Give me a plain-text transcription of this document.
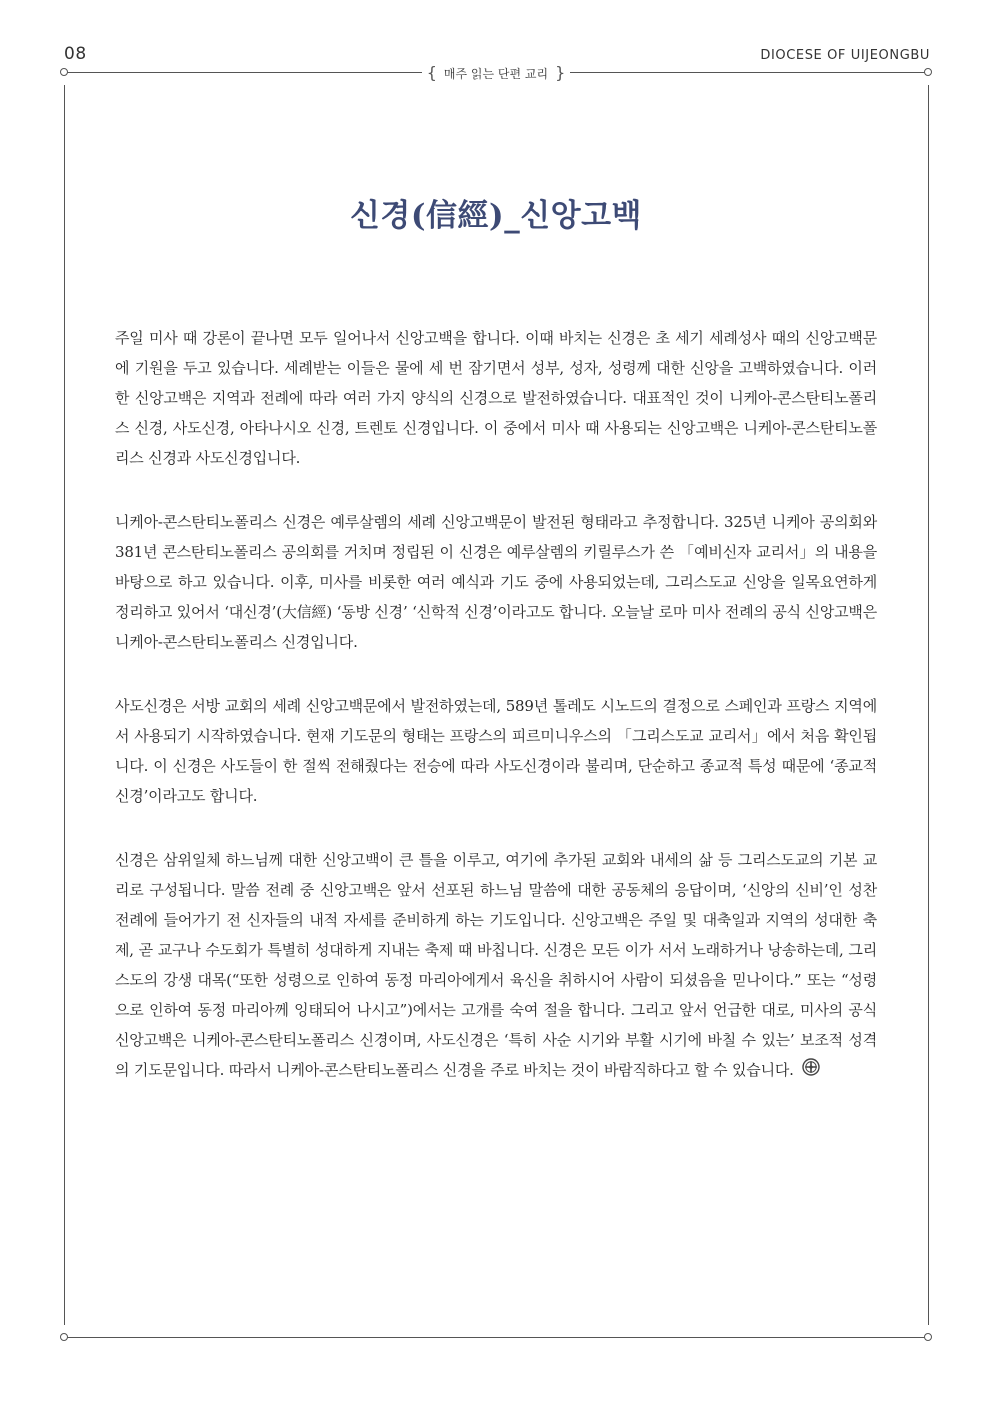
08	DIOCESE OF UIJEONGBU
{ 매주 읽는 단편 교리 }
신경(信經)_신앙고백

주일 미사 때 강론이 끝나면 모두 일어나서 신앙고백을 합니다. 이때 바치는 신경은 초 세기 세례성사 때의 신앙고백문에 기원을 두고 있습니다. 세례받는 이들은 물에 세 번 잠기면서 성부, 성자, 성령께 대한 신앙을 고백하였습니다. 이러한 신앙고백은 지역과 전례에 따라 여러 가지 양식의 신경으로 발전하였습니다. 대표적인 것이 니케아-콘스탄티노폴리스 신경, 사도신경, 아타나시오 신경, 트렌토 신경입니다. 이 중에서 미사 때 사용되는 신앙고백은 니케아-콘스탄티노폴리스 신경과 사도신경입니다.

니케아-콘스탄티노폴리스 신경은 예루살렘의 세례 신앙고백문이 발전된 형태라고 추정합니다. 325년 니케아 공의회와 381년 콘스탄티노폴리스 공의회를 거치며 정립된 이 신경은 예루살렘의 키릴루스가 쓴 「예비신자 교리서」의 내용을 바탕으로 하고 있습니다. 이후, 미사를 비롯한 여러 예식과 기도 중에 사용되었는데, 그리스도교 신앙을 일목요연하게 정리하고 있어서 ‘대신경’(大信經) ‘동방 신경’ ‘신학적 신경’이라고도 합니다. 오늘날 로마 미사 전례의 공식 신앙고백은 니케아-콘스탄티노폴리스 신경입니다.

사도신경은 서방 교회의 세례 신앙고백문에서 발전하였는데, 589년 톨레도 시노드의 결정으로 스페인과 프랑스 지역에서 사용되기 시작하였습니다. 현재 기도문의 형태는 프랑스의 피르미니우스의 「그리스도교 교리서」에서 처음 확인됩니다. 이 신경은 사도들이 한 절씩 전해줬다는 전승에 따라 사도신경이라 불리며, 단순하고 종교적 특성 때문에 ‘종교적 신경’이라고도 합니다.

신경은 삼위일체 하느님께 대한 신앙고백이 큰 틀을 이루고, 여기에 추가된 교회와 내세의 삶 등 그리스도교의 기본 교리로 구성됩니다. 말씀 전례 중 신앙고백은 앞서 선포된 하느님 말씀에 대한 공동체의 응답이며, ‘신앙의 신비’인 성찬 전례에 들어가기 전 신자들의 내적 자세를 준비하게 하는 기도입니다. 신앙고백은 주일 및 대축일과 지역의 성대한 축제, 곧 교구나 수도회가 특별히 성대하게 지내는 축제 때 바칩니다. 신경은 모든 이가 서서 노래하거나 낭송하는데, 그리스도의 강생 대목(“또한 성령으로 인하여 동정 마리아에게서 육신을 취하시어 사람이 되셨음을 믿나이다.” 또는 “성령으로 인하여 동정 마리아께 잉태되어 나시고”)에서는 고개를 숙여 절을 합니다. 그리고 앞서 언급한 대로, 미사의 공식 신앙고백은 니케아-콘스탄티노폴리스 신경이며, 사도신경은 ‘특히 사순 시기와 부활 시기에 바칠 수 있는’ 보조적 성격의 기도문입니다. 따라서 니케아-콘스탄티노폴리스 신경을 주로 바치는 것이 바람직하다고 할 수 있습니다.
